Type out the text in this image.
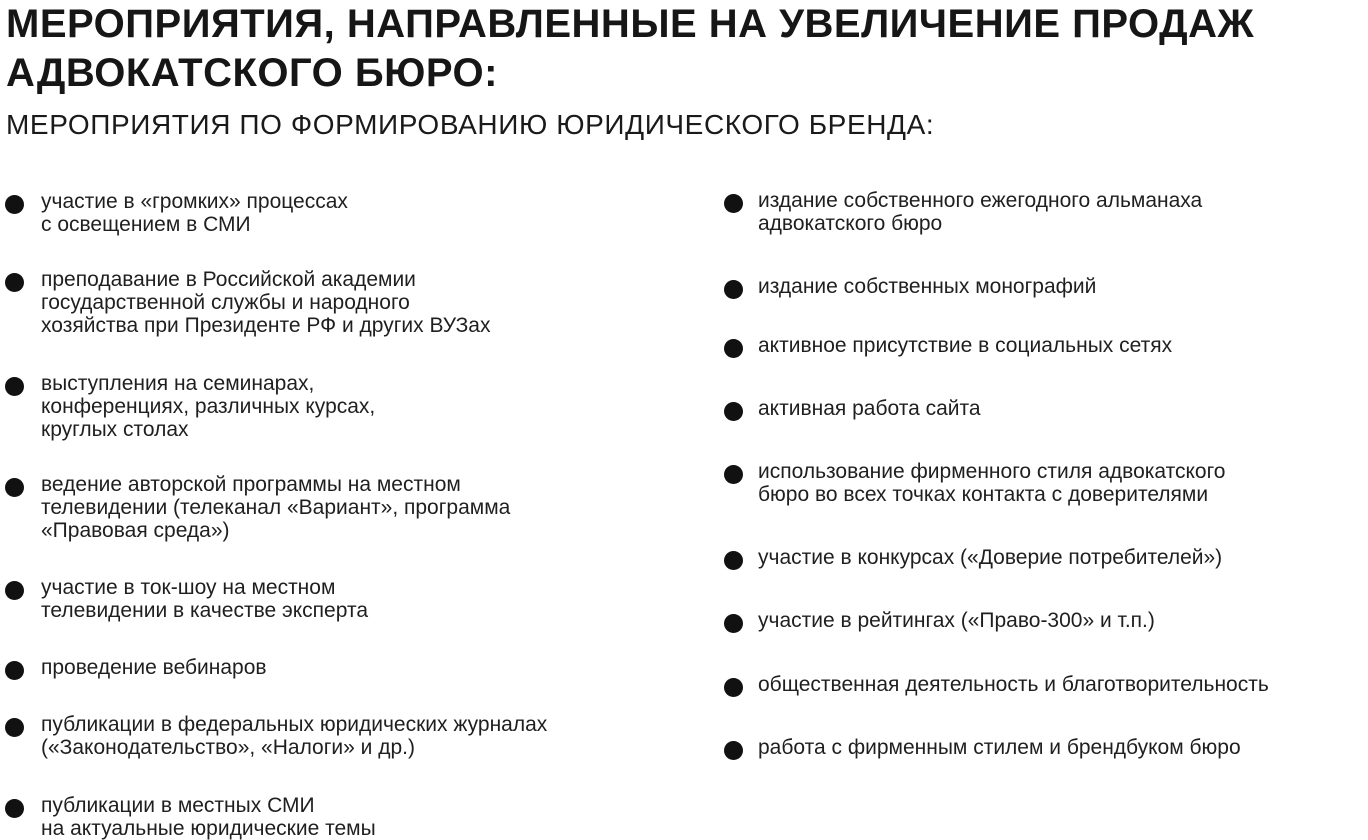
МЕРОПРИЯТИЯ, НАПРАВЛЕННЫЕ НА УВЕЛИЧЕНИЕ ПРОДАЖ
АДВОКАТСКОГО БЮРО:
МЕРОПРИЯТИЯ ПО ФОРМИРОВАНИЮ ЮРИДИЧЕСКОГО БРЕНДА:

участие в «громких» процессах
с освещением в СМИ

преподавание в Российской академии
государственной службы и народного
хозяйства при Президенте РФ и других ВУЗах

выступления на семинарах,
конференциях, различных курсах,
круглых столах

ведение авторской программы на местном
телевидении (телеканал «Вариант», программа
«Правовая среда»)

участие в ток-шоу на местном
телевидении в качестве эксперта

проведение вебинаров

публикации в федеральных юридических журналах
(«Законодательство», «Налоги» и др.)

публикации в местных СМИ
на актуальные юридические темы

издание собственного ежегодного альманаха
адвокатского бюро

издание собственных монографий

активное присутствие в социальных сетях

активная работа сайта

использование фирменного стиля адвокатского
бюро во всех точках контакта с доверителями

участие в конкурсах («Доверие потребителей»)

участие в рейтингах («Право-300» и т.п.)

общественная деятельность и благотворительность

работа с фирменным стилем и брендбуком бюро
